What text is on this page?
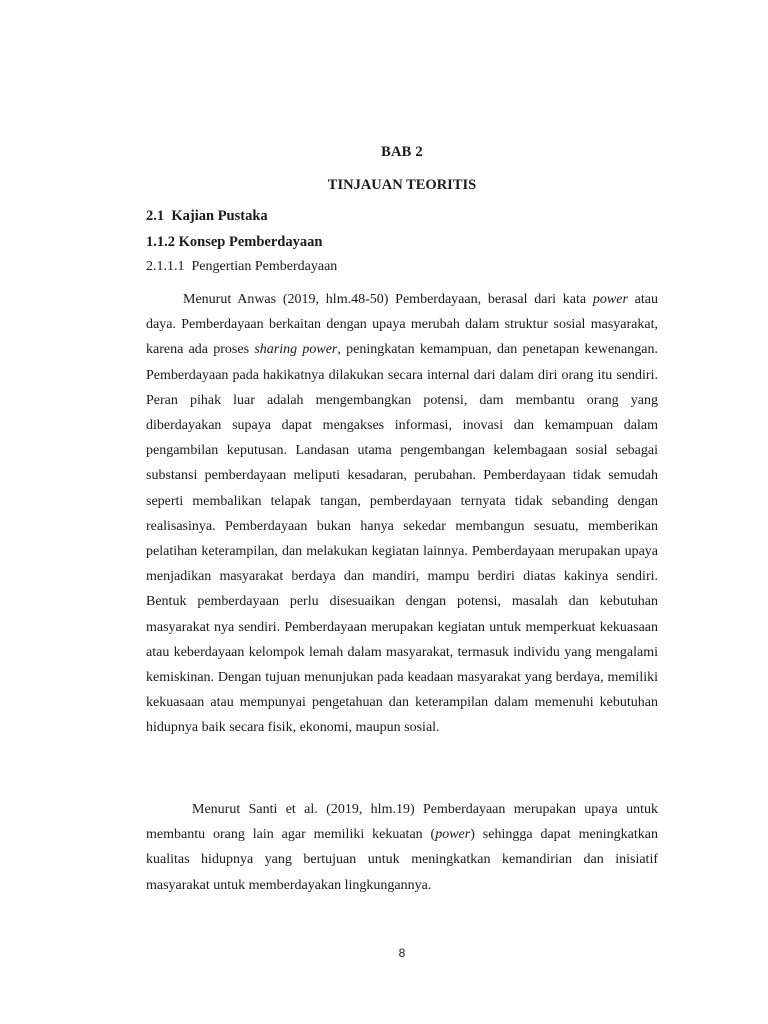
BAB 2
TINJAUAN TEORITIS
2.1  Kajian Pustaka
1.1.2 Konsep Pemberdayaan
2.1.1.1  Pengertian Pemberdayaan

Menurut Anwas (2019, hlm.48-50) Pemberdayaan, berasal dari kata power atau daya. Pemberdayaan berkaitan dengan upaya merubah dalam struktur sosial masyarakat, karena ada proses sharing power, peningkatan kemampuan, dan penetapan kewenangan. Pemberdayaan pada hakikatnya dilakukan secara internal dari dalam diri orang itu sendiri. Peran pihak luar adalah mengembangkan potensi, dam membantu orang yang diberdayakan supaya dapat mengakses informasi, inovasi dan kemampuan dalam pengambilan keputusan. Landasan utama pengembangan kelembagaan sosial sebagai substansi pemberdayaan meliputi kesadaran, perubahan. Pemberdayaan tidak semudah seperti membalikan telapak tangan, pemberdayaan ternyata tidak sebanding dengan realisasinya. Pemberdayaan bukan hanya sekedar membangun sesuatu, memberikan pelatihan keterampilan, dan melakukan kegiatan lainnya. Pemberdayaan merupakan upaya menjadikan masyarakat berdaya dan mandiri, mampu berdiri diatas kakinya sendiri. Bentuk pemberdayaan perlu disesuaikan dengan potensi, masalah dan kebutuhan masyarakat nya sendiri. Pemberdayaan merupakan kegiatan untuk memperkuat kekuasaan atau keberdayaan kelompok lemah dalam masyarakat, termasuk individu yang mengalami kemiskinan. Dengan tujuan menunjukan pada keadaan masyarakat yang berdaya, memiliki kekuasaan atau mempunyai pengetahuan dan keterampilan dalam memenuhi kebutuhan hidupnya baik secara fisik, ekonomi, maupun sosial.

Menurut Santi et al. (2019, hlm.19) Pemberdayaan merupakan upaya untuk membantu orang lain agar memiliki kekuatan (power) sehingga dapat meningkatkan kualitas hidupnya yang bertujuan untuk meningkatkan kemandirian dan inisiatif masyarakat untuk memberdayakan lingkungannya.

8
